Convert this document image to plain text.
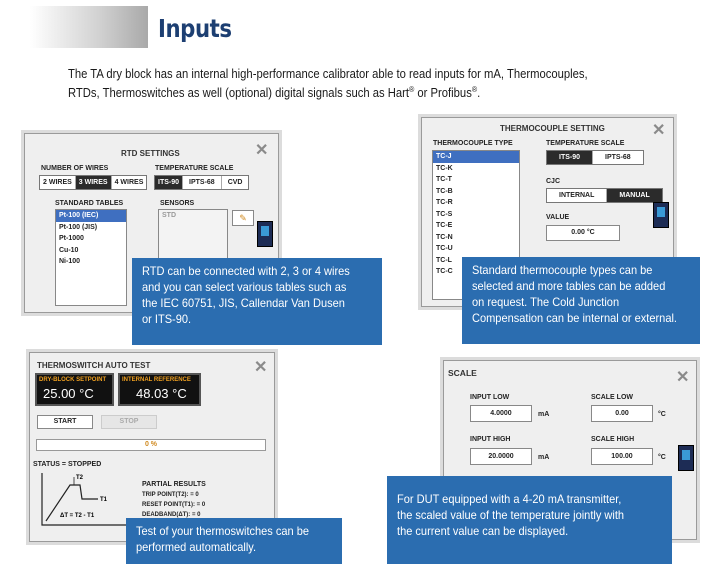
Inputs
The TA dry block has an internal high-performance calibrator able to read inputs for mA, Thermocouples,
RTDs, Thermoswitches as well (optional) digital signals such as Hart® or Profibus®.
RTD SETTINGS	✕
NUMBER OF WIRES
2 WIRES	3 WIRES	4 WIRES
TEMPERATURE SCALE
ITS-90	IPTS-68	CVD
STANDARD TABLES
Pt-100 (IEC)
Pt-100 (JIS)
Pt-1000
Cu-10
Ni-100
SENSORS
STD	✎
RTD can be connected with 2, 3 or 4 wires
and you can select various tables such as
the IEC 60751, JIS, Callendar Van Dusen
or ITS-90.
THERMOCOUPLE SETTING	✕
THERMOCOUPLE TYPE
TC-J
TC-K
TC-T
TC-B
TC-R
TC-S
TC-E
TC-N
TC-U
TC-L
TC-C
TEMPERATURE SCALE
ITS-90	IPTS-68
CJC
INTERNAL	MANUAL
VALUE
0.00 °C
Standard thermocouple types can be
selected and more tables can be added
on request. The Cold Junction
Compensation can be internal or external.
THERMOSWITCH AUTO TEST	✕
DRY-BLOCK SETPOINT
25.00 °C
INTERNAL REFERENCE
48.03 °C
START	STOP
0 %
STATUS = STOPPED
T2
T1
ΔT = T2 - T1
PARTIAL RESULTS
TRIP POINT(T2): = 0
RESET POINT(T1): = 0
DEADBAND(ΔT): = 0
Test of your thermoswitches can be
performed automatically.
SCALE	✕
INPUT LOW
4.0000	mA
SCALE LOW
0.00	°C
INPUT HIGH
20.0000	mA
SCALE HIGH
100.00	°C
For DUT equipped with a 4-20 mA transmitter,
the scaled value of the temperature jointly with
the current value can be displayed.
